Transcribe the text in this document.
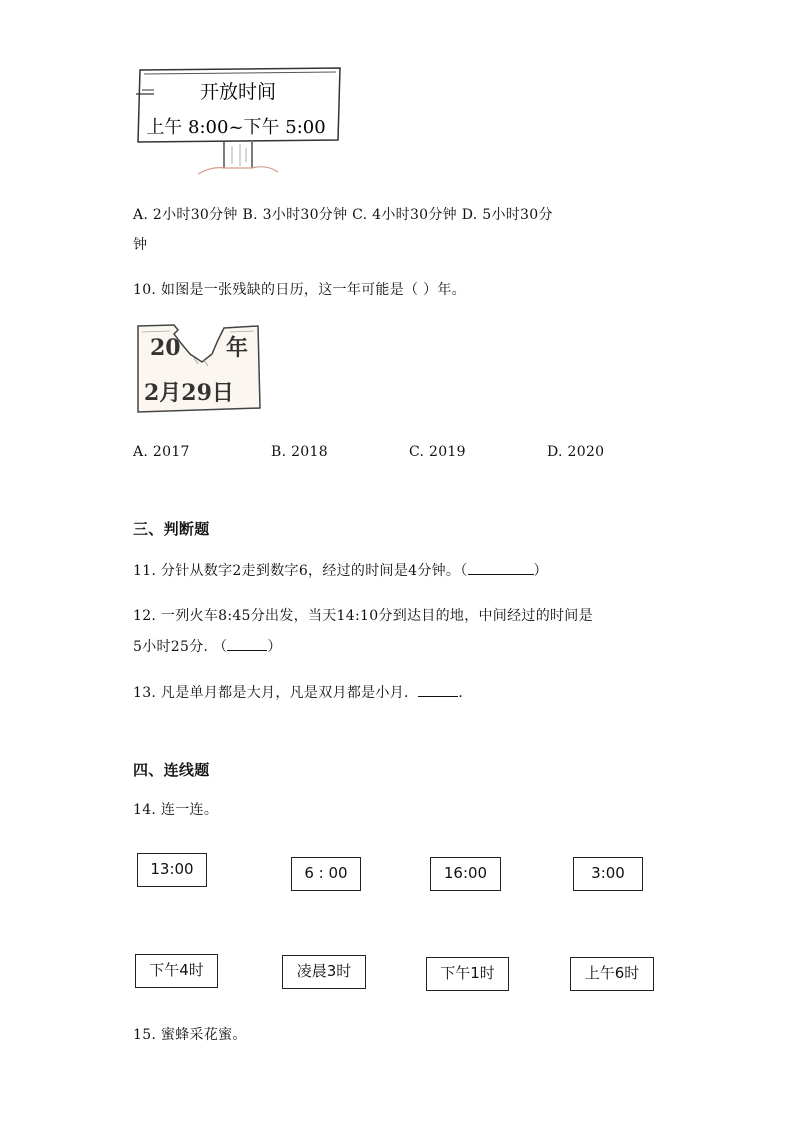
开放时间
上午 8:00~下午 5:00
A. 2小时30分钟 B. 3小时30分钟 C. 4小时30分钟 D. 5小时30分
钟
10. 如图是一张残缺的日历，这一年可能是（ ）年。
20 年
2月29日
A. 2017	B. 2018	C. 2019	D. 2020
三、判断题
11. 分针从数字2走到数字6，经过的时间是4分钟。（	）
12. 一列火车8:45分出发，当天14:10分到达目的地，中间经过的时间是
5小时25分. （	）
13. 凡是单月都是大月，凡是双月都是小月．	．
四、连线题
14. 连一连。
13:00	6 : 00	16:00	3:00
下午4时	凌晨3时	下午1时	上午6时
15. 蜜蜂采花蜜。
